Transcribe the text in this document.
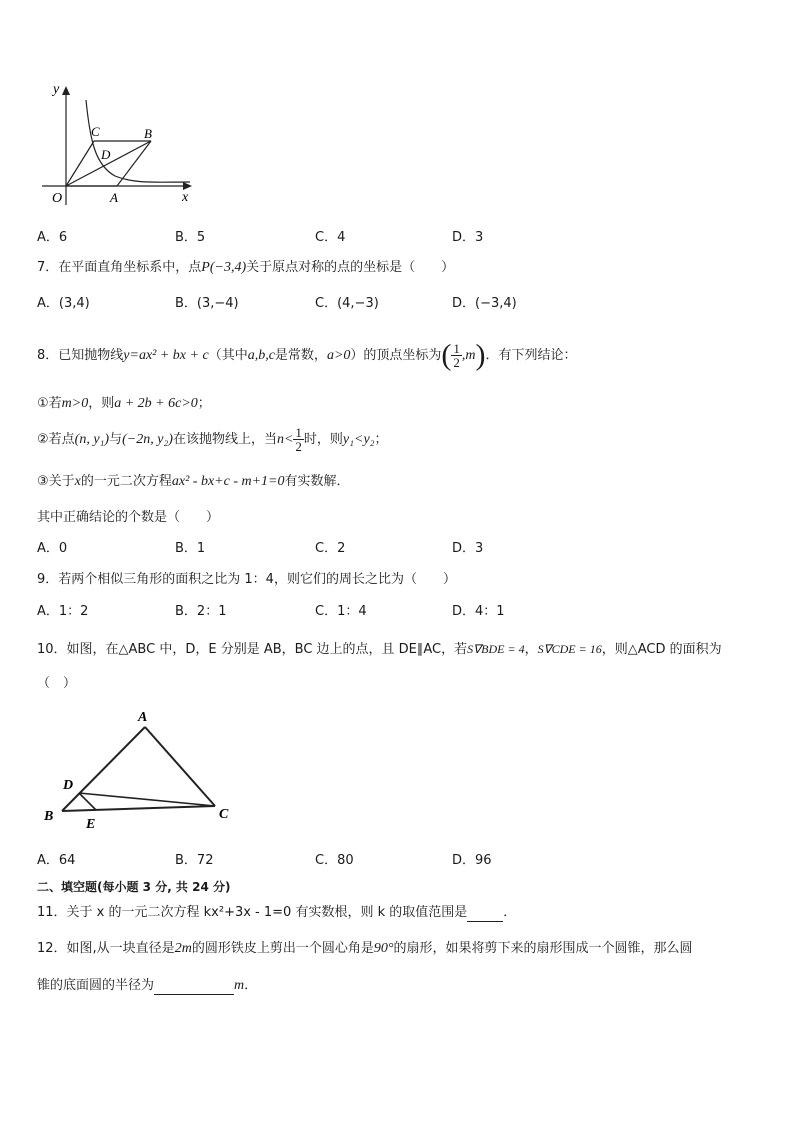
y
x
O	A
B
C
D
A．6	B．5	C．4	D．3
7．在平面直角坐标系中，点P(−3,4)关于原点对称的点的坐标是（　　）
A．(3,4)	B．(3,−4)	C．(4,−3)	D．(−3,4)
8．已知抛物线y=ax² + bx + c（其中a,b,c是常数，a>0）的顶点坐标为( $\frac{1}{2} ,m$)．有下列结论：
①若m>0，则a + 2b + 6c>0；
②若点(n, y₁)与(−2n, y₂)在该抛物线上，当$n< \frac{1}{2}$ 时，则y₁<y₂；
③关于x的一元二次方程ax² - bx+c - m+1=0有实数解．
其中正确结论的个数是（　　）
A．0	B．1	C．2	D．3
9．若两个相似三角形的面积之比为 1：4，则它们的周长之比为（　　）
A．1：2	B．2：1	C．1：4	D．4：1
10．如图，在△ABC 中，D，E 分别是 AB，BC 边上的点，且 DE∥AC，若S∇BDE = 4，S∇CDE = 16，则△ACD 的面积为
（　）
A
B	C
D
E
A．64	B．72	C．80	D．96
二、填空题(每小题 3 分, 共 24 分)
11．关于 x 的一元二次方程 kx²+3x - 1=0 有实数根，则 k 的取值范围是	．
12．如图,从一块直径是2m的圆形铁皮上剪出一个圆心角是90°的扇形，如果将剪下来的扇形围成一个圆锥，那么圆
锥的底面圆的半径为	m．
